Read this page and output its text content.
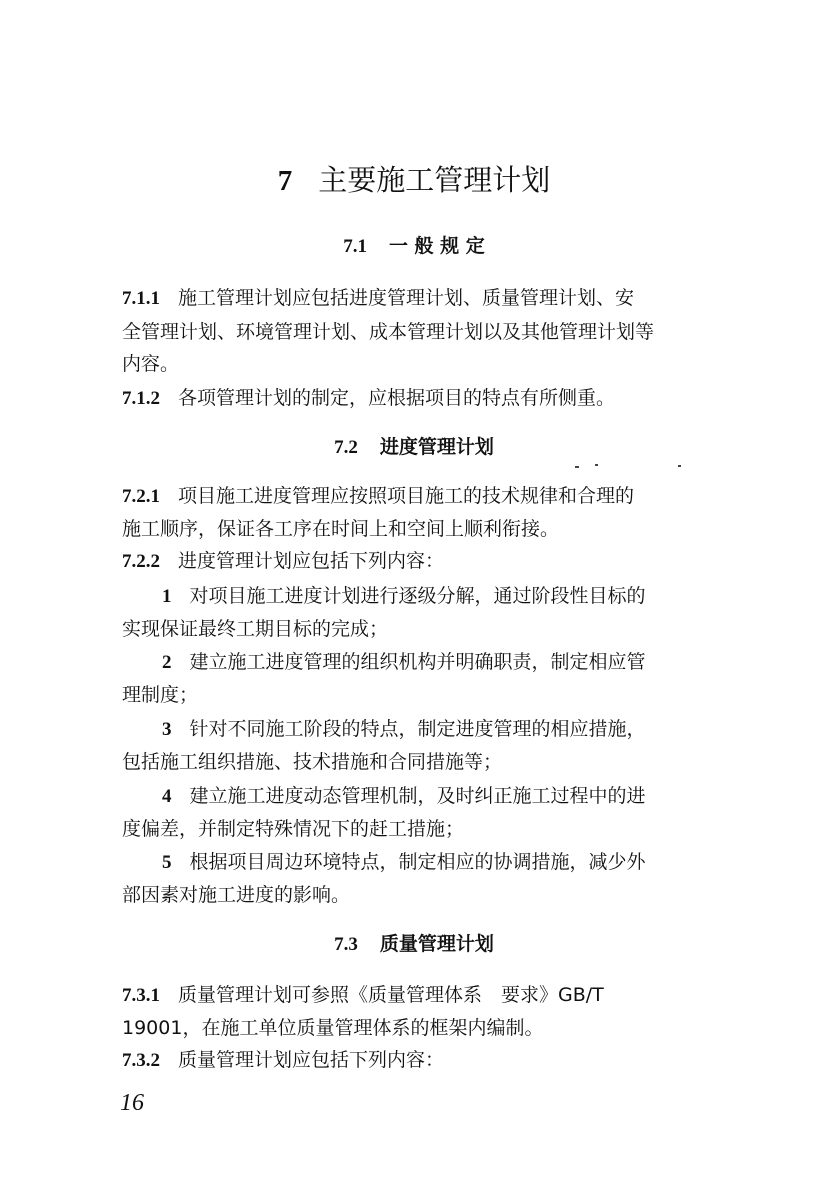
7 主要施工管理计划
7.1 一 般 规 定
7.1.1 施工管理计划应包括进度管理计划、质量管理计划、安
全管理计划、环境管理计划、成本管理计划以及其他管理计划等
内容。
7.1.2 各项管理计划的制定，应根据项目的特点有所侧重。
7.2 进度管理计划
7.2.1 项目施工进度管理应按照项目施工的技术规律和合理的
施工顺序，保证各工序在时间上和空间上顺利衔接。
7.2.2 进度管理计划应包括下列内容：
1 对项目施工进度计划进行逐级分解，通过阶段性目标的
实现保证最终工期目标的完成；
2 建立施工进度管理的组织机构并明确职责，制定相应管
理制度；
3 针对不同施工阶段的特点，制定进度管理的相应措施，
包括施工组织措施、技术措施和合同措施等；
4 建立施工进度动态管理机制，及时纠正施工过程中的进
度偏差，并制定特殊情况下的赶工措施；
5 根据项目周边环境特点，制定相应的协调措施，减少外
部因素对施工进度的影响。
7.3 质量管理计划
7.3.1 质量管理计划可参照《质量管理体系　要求》GB/T
19001，在施工单位质量管理体系的框架内编制。
7.3.2 质量管理计划应包括下列内容：
16
